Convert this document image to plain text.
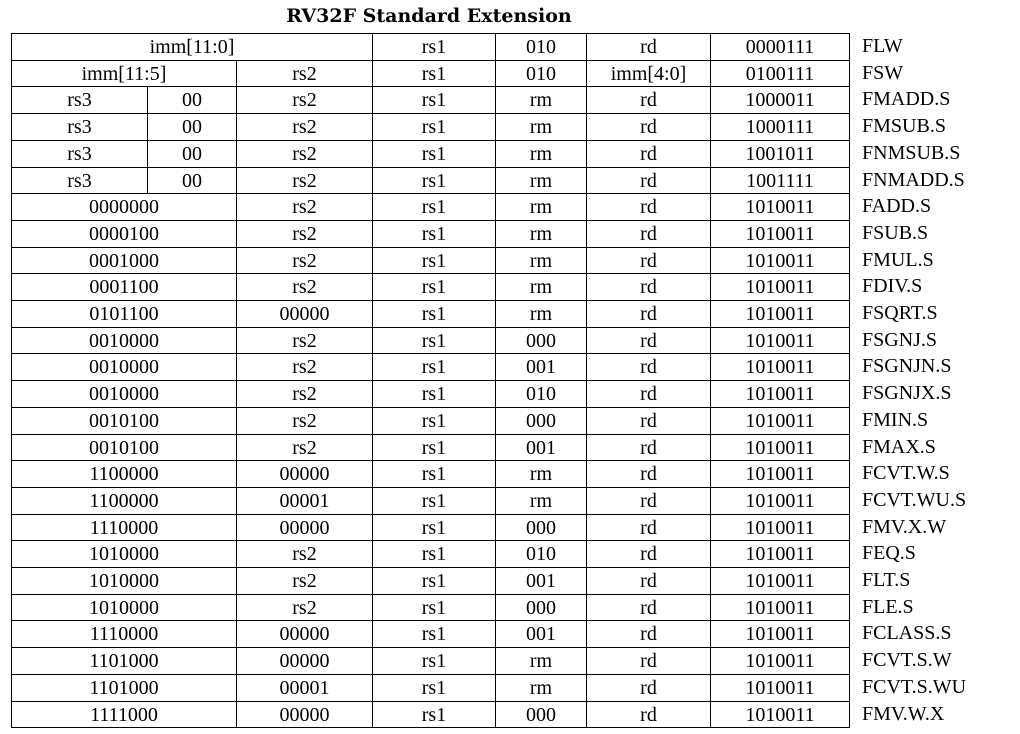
RV32F Standard Extension
imm[11:0]	rs1	010	rd	0000111	FLW
imm[11:5]	rs2	rs1	010	imm[4:0]	0100111	FSW
rs3	00	rs2	rs1	rm	rd	1000011	FMADD.S
rs3	00	rs2	rs1	rm	rd	1000111	FMSUB.S
rs3	00	rs2	rs1	rm	rd	1001011	FNMSUB.S
rs3	00	rs2	rs1	rm	rd	1001111	FNMADD.S
0000000	rs2	rs1	rm	rd	1010011	FADD.S
0000100	rs2	rs1	rm	rd	1010011	FSUB.S
0001000	rs2	rs1	rm	rd	1010011	FMUL.S
0001100	rs2	rs1	rm	rd	1010011	FDIV.S
0101100	00000	rs1	rm	rd	1010011	FSQRT.S
0010000	rs2	rs1	000	rd	1010011	FSGNJ.S
0010000	rs2	rs1	001	rd	1010011	FSGNJN.S
0010000	rs2	rs1	010	rd	1010011	FSGNJX.S
0010100	rs2	rs1	000	rd	1010011	FMIN.S
0010100	rs2	rs1	001	rd	1010011	FMAX.S
1100000	00000	rs1	rm	rd	1010011	FCVT.W.S
1100000	00001	rs1	rm	rd	1010011	FCVT.WU.S
1110000	00000	rs1	000	rd	1010011	FMV.X.W
1010000	rs2	rs1	010	rd	1010011	FEQ.S
1010000	rs2	rs1	001	rd	1010011	FLT.S
1010000	rs2	rs1	000	rd	1010011	FLE.S
1110000	00000	rs1	001	rd	1010011	FCLASS.S
1101000	00000	rs1	rm	rd	1010011	FCVT.S.W
1101000	00001	rs1	rm	rd	1010011	FCVT.S.WU
1111000	00000	rs1	000	rd	1010011	FMV.W.X
